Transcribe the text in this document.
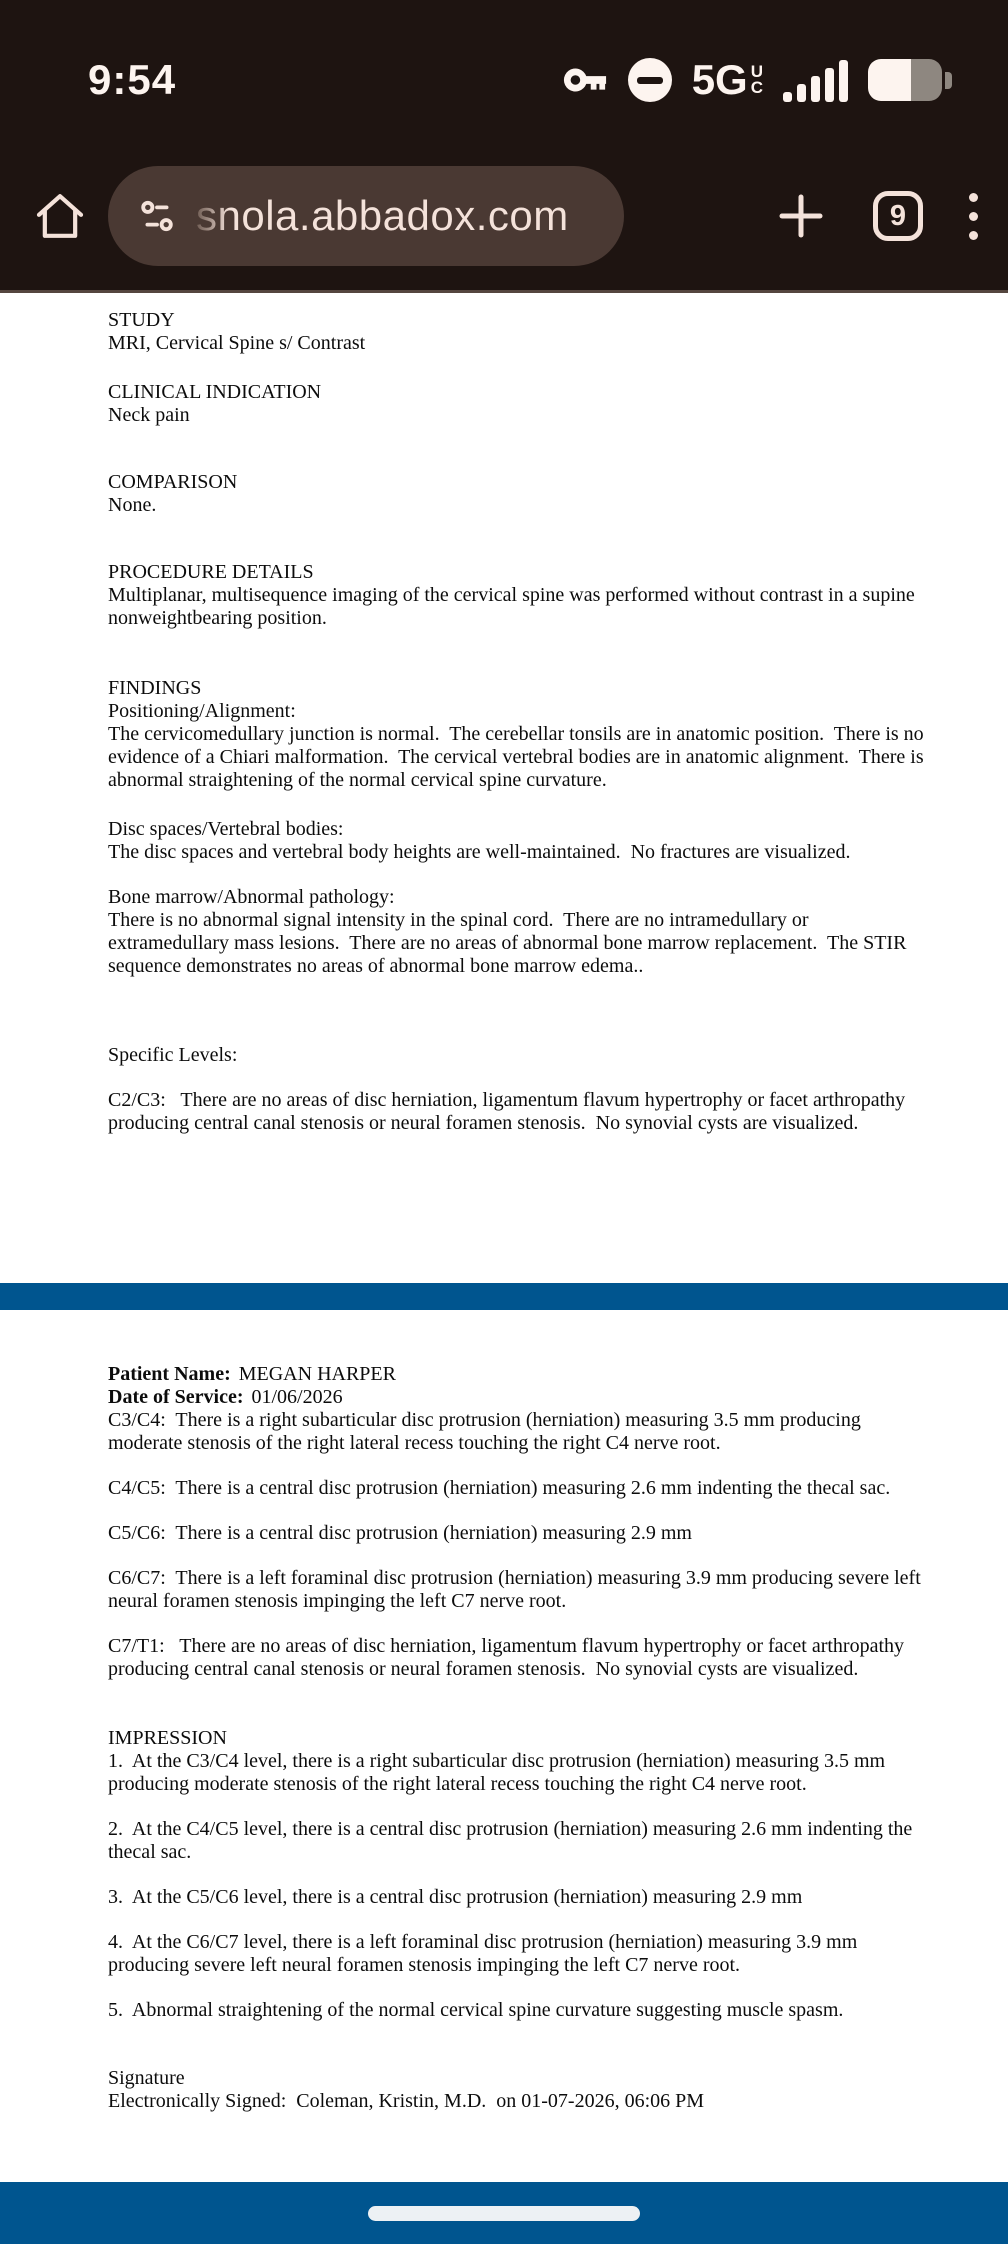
9:54	5G U
C
snola.abbadox.com	9

STUDY

MRI, Cervical Spine s/ Contrast

CLINICAL INDICATION

Neck pain

COMPARISON

None.

PROCEDURE DETAILS

Multiplanar, multisequence imaging of the cervical spine was performed without contrast in a supine nonweightbearing position.

FINDINGS

Positioning/Alignment:

The cervicomedullary junction is normal.  The cerebellar tonsils are in anatomic position.  There is no evidence of a Chiari malformation.  The cervical vertebral bodies are in anatomic alignment.  There is abnormal straightening of the normal cervical spine curvature.

Disc spaces/Vertebral bodies:

The disc spaces and vertebral body heights are well-maintained.  No fractures are visualized.

Bone marrow/Abnormal pathology:

There is no abnormal signal intensity in the spinal cord.  There are no intramedullary or extramedullary mass lesions.  There are no areas of abnormal bone marrow replacement.  The STIR sequence demonstrates no areas of abnormal bone marrow edema..

Specific Levels:

C2/C3:   There are no areas of disc herniation, ligamentum flavum hypertrophy or facet arthropathy producing central canal stenosis or neural foramen stenosis.  No synovial cysts are visualized.

Patient Name: MEGAN HARPER

Date of Service: 01/06/2026

C3/C4:  There is a right subarticular disc protrusion (herniation) measuring 3.5 mm producing moderate stenosis of the right lateral recess touching the right C4 nerve root.

C4/C5:  There is a central disc protrusion (herniation) measuring 2.6 mm indenting the thecal sac.

C5/C6:  There is a central disc protrusion (herniation) measuring 2.9 mm

C6/C7:  There is a left foraminal disc protrusion (herniation) measuring 3.9 mm producing severe left neural foramen stenosis impinging the left C7 nerve root.

C7/T1:   There are no areas of disc herniation, ligamentum flavum hypertrophy or facet arthropathy producing central canal stenosis or neural foramen stenosis.  No synovial cysts are visualized.

IMPRESSION

1.  At the C3/C4 level, there is a right subarticular disc protrusion (herniation) measuring 3.5 mm producing moderate stenosis of the right lateral recess touching the right C4 nerve root.

2.  At the C4/C5 level, there is a central disc protrusion (herniation) measuring 2.6 mm indenting the thecal sac.

3.  At the C5/C6 level, there is a central disc protrusion (herniation) measuring 2.9 mm

4.  At the C6/C7 level, there is a left foraminal disc protrusion (herniation) measuring 3.9 mm producing severe left neural foramen stenosis impinging the left C7 nerve root.

5.  Abnormal straightening of the normal cervical spine curvature suggesting muscle spasm.

Signature

Electronically Signed:  Coleman, Kristin, M.D.  on 01-07-2026, 06:06 PM
